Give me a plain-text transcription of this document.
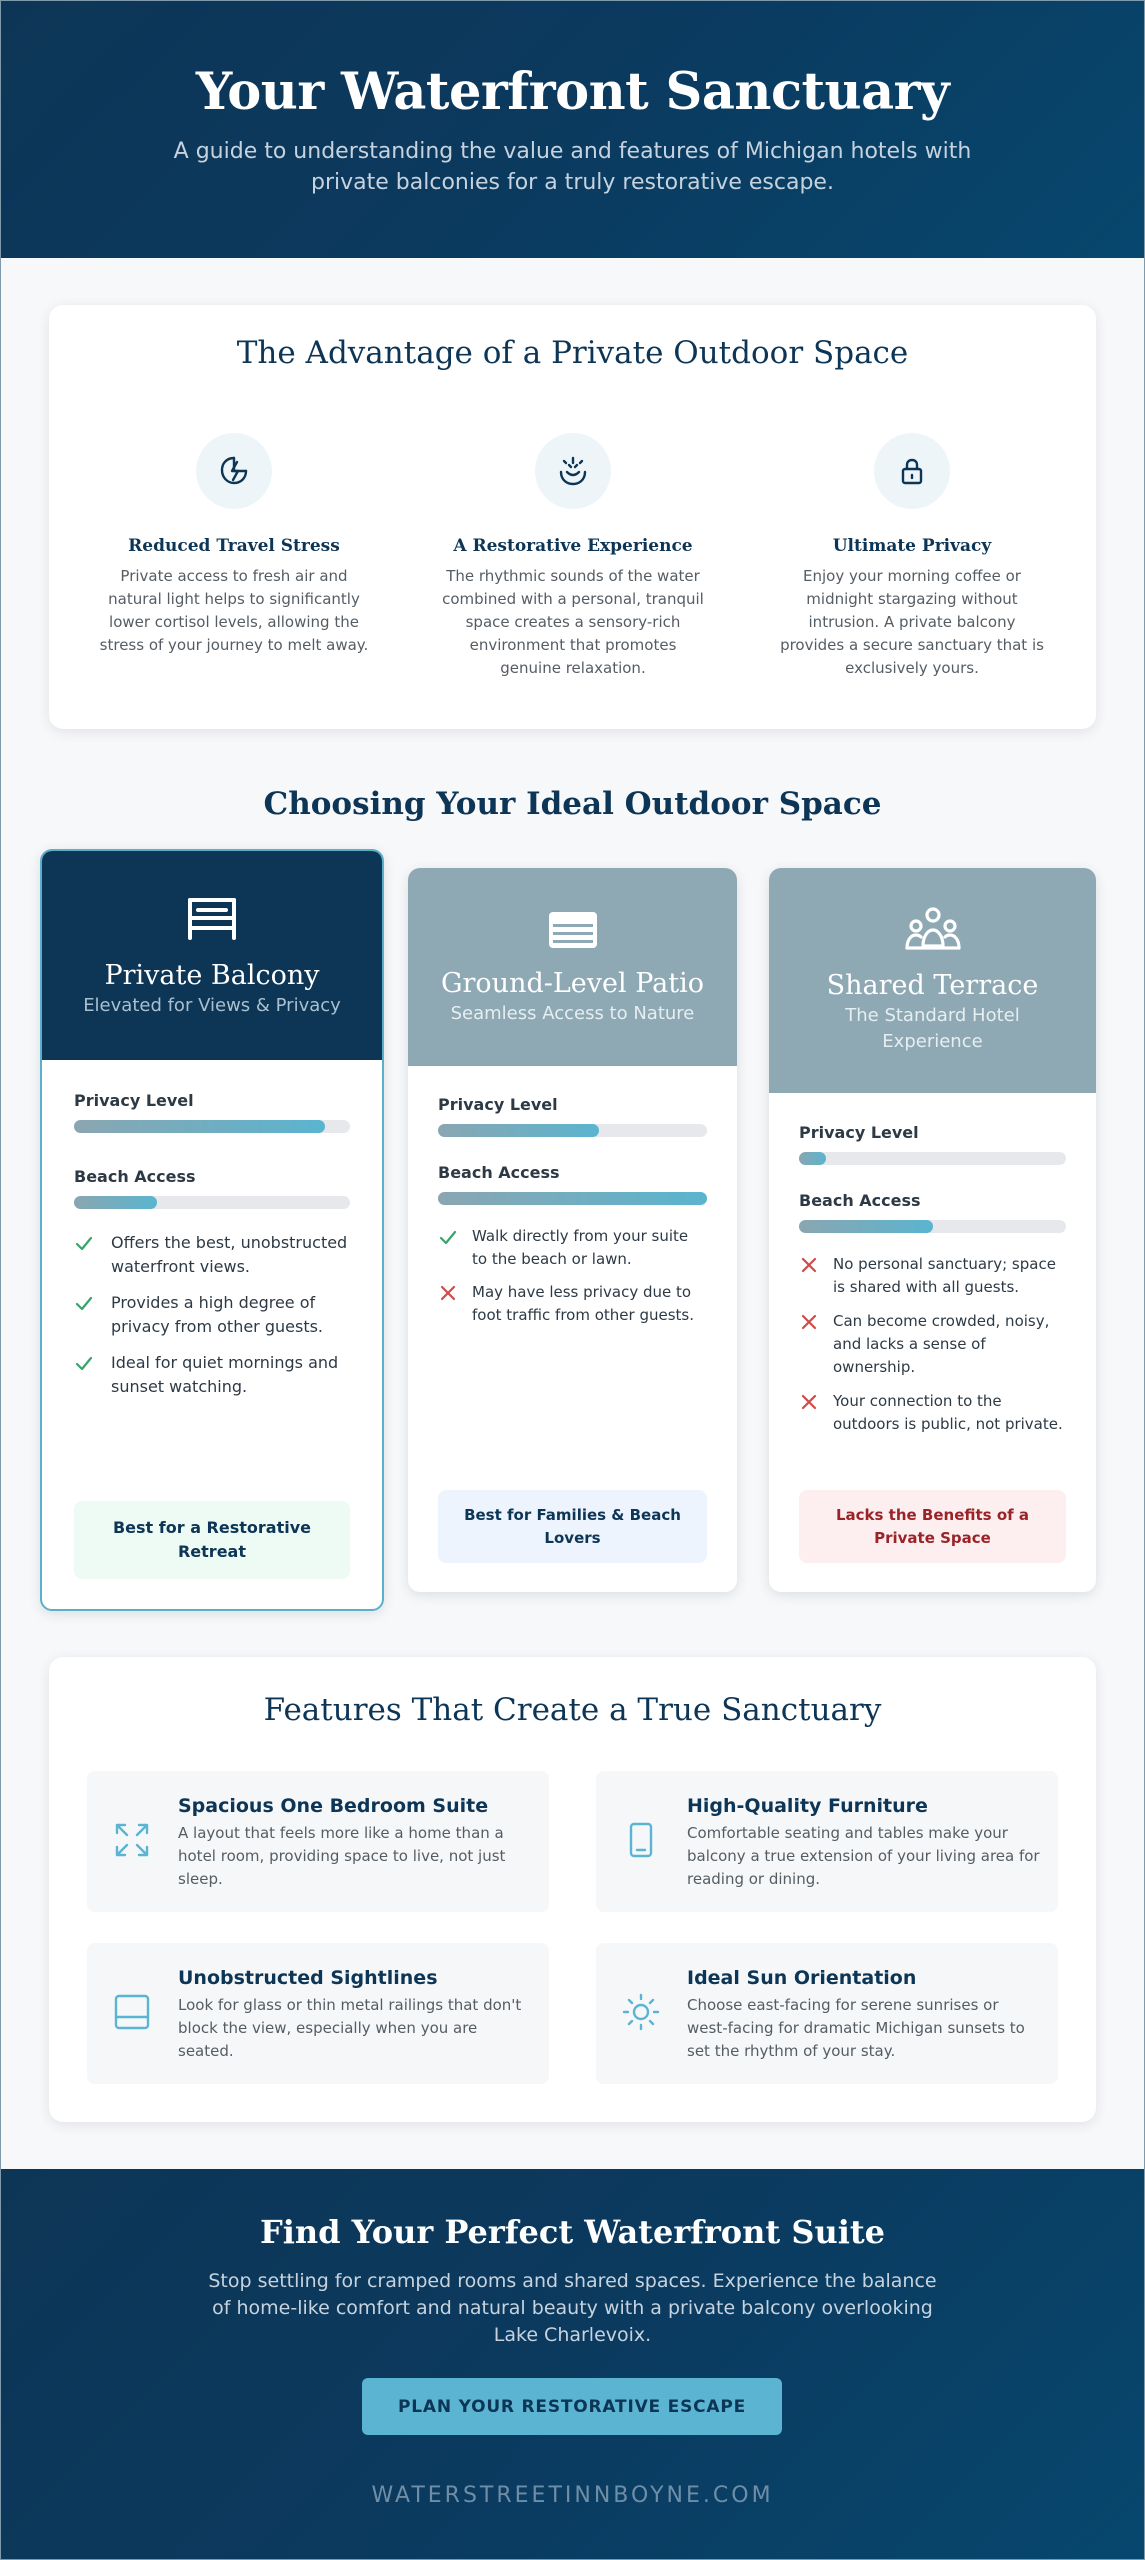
Your Waterfront Sanctuary

A guide to understanding the value and features of Michigan hotels with private balconies for a truly restorative escape.

The Advantage of a Private Outdoor Space
Reduced Travel Stress

Private access to fresh air and natural light helps to significantly lower cortisol levels, allowing the stress of your journey to melt away.

A Restorative Experience

The rhythmic sounds of the water combined with a personal, tranquil space creates a sensory-rich environment that promotes genuine relaxation.

Ultimate Privacy

Enjoy your morning coffee or midnight stargazing without intrusion. A private balcony provides a secure sanctuary that is exclusively yours.

Choosing Your Ideal Outdoor Space
Private Balcony
Elevated for Views & Privacy
Privacy Level
Beach Access
Offers the best, unobstructed waterfront views.
Provides a high degree of privacy from other guests.
Ideal for quiet mornings and sunset watching.
Best for a Restorative Retreat
Ground-Level Patio
Seamless Access to Nature
Privacy Level
Beach Access
Walk directly from your suite to the beach or lawn.
May have less privacy due to foot traffic from other guests.
Best for Families & Beach Lovers
Shared Terrace
The Standard Hotel Experience
Privacy Level
Beach Access
No personal sanctuary; space is shared with all guests.
Can become crowded, noisy, and lacks a sense of ownership.
Your connection to the outdoors is public, not private.
Lacks the Benefits of a Private Space
Features That Create a True Sanctuary
Spacious One Bedroom Suite

A layout that feels more like a home than a hotel room, providing space to live, not just sleep.

High-Quality Furniture

Comfortable seating and tables make your balcony a true extension of your living area for reading or dining.

Unobstructed Sightlines

Look for glass or thin metal railings that don't block the view, especially when you are seated.

Ideal Sun Orientation

Choose east-facing for serene sunrises or west-facing for dramatic Michigan sunsets to set the rhythm of your stay.

Find Your Perfect Waterfront Suite

Stop settling for cramped rooms and shared spaces. Experience the balance of home-like comfort and natural beauty with a private balcony overlooking Lake Charlevoix.

PLAN YOUR RESTORATIVE ESCAPE
WATERSTREETINNBOYNE.COM
